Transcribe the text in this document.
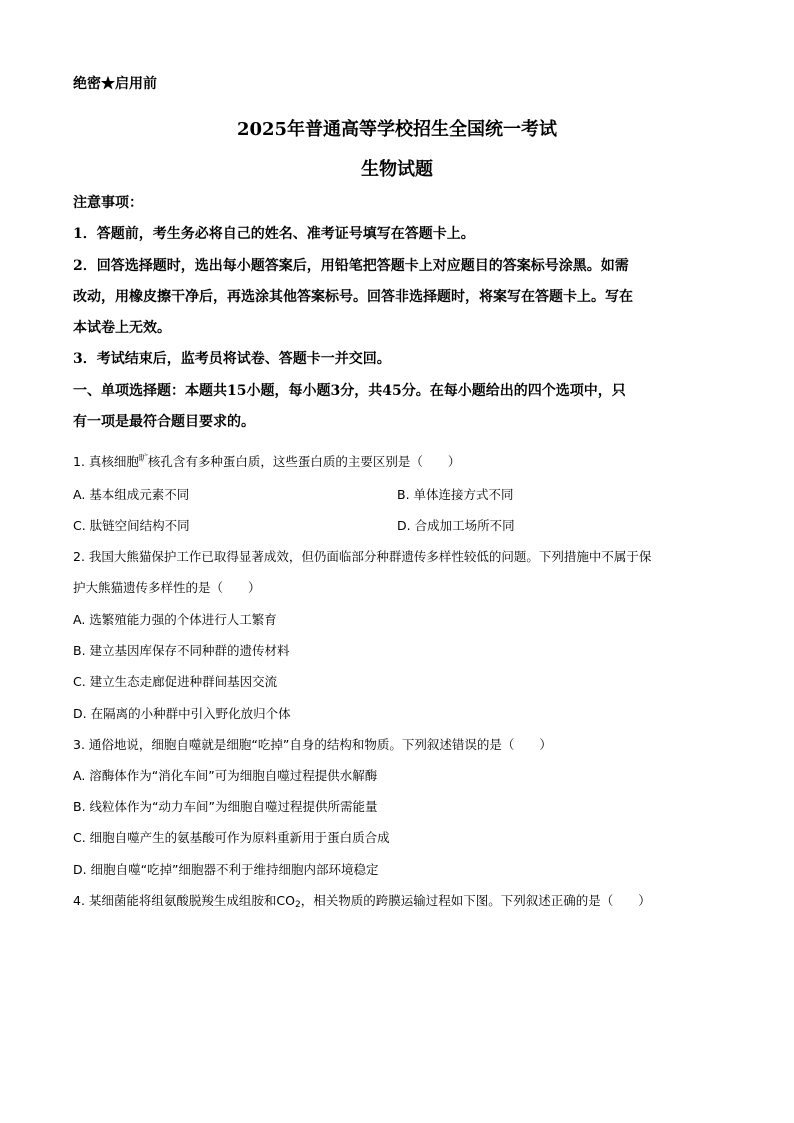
绝密★启用前
2025年普通高等学校招生全国统一考试
生物试题
注意事项：
1．答题前，考生务必将自己的姓名、准考证号填写在答题卡上。
2．回答选择题时，选出每小题答案后，用铅笔把答题卡上对应题目的答案标号涂黑。如需
改动，用橡皮擦干净后，再选涂其他答案标号。回答非选择题时，将案写在答题卡上。写在
本试卷上无效。
3．考试结束后，监考员将试卷、答题卡一并交回。
一、单项选择题：本题共15小题，每小题3分，共45分。在每小题给出的四个选项中，只
有一项是最符合题目要求的。
1. 真核细胞$^旷$核孔含有多种蛋白质，这些蛋白质的主要区别是（　　）
A. 基本组成元素不同	B. 单体连接方式不同
C. 肽链空间结构不同	D. 合成加工场所不同
2. 我国大熊猫保护工作已取得显著成效，但仍面临部分种群遗传多样性较低的问题。下列措施中不属于保
护大熊猫遗传多样性的是（　　）
A. 选繁殖能力强的个体进行人工繁育
B. 建立基因库保存不同种群的遗传材料
C. 建立生态走廊促进种群间基因交流
D. 在隔离的小种群中引入野化放归个体
3. 通俗地说，细胞自噬就是细胞“吃掉”自身的结构和物质。下列叙述错误的是（　　）
A. 溶酶体作为“消化车间”可为细胞自噬过程提供水解酶
B. 线粒体作为“动力车间”为细胞自噬过程提供所需能量
C. 细胞自噬产生的氨基酸可作为原料重新用于蛋白质合成
D. 细胞自噬“吃掉”细胞器不利于维持细胞内部环境稳定
4. 某细菌能将组氨酸脱羧生成组胺和$CO_2$，相关物质的跨膜运输过程如下图。下列叙述正确的是（　　）
